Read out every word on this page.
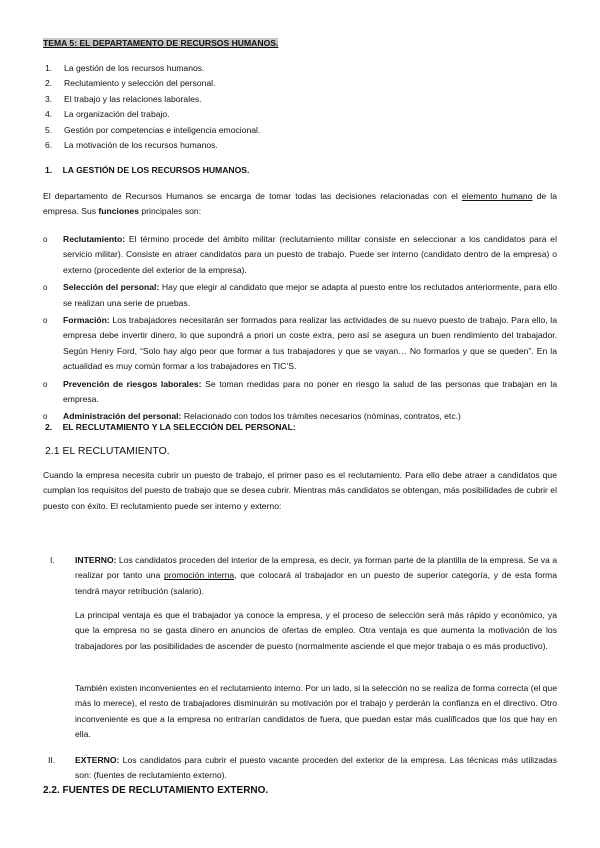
TEMA 5: EL DEPARTAMENTO DE RECURSOS HUMANOS.
1. La gestión de los recursos humanos.
2. Reclutamiento y selección del personal.
3. El trabajo y las relaciones laborales.
4. La organización del trabajo.
5. Gestión por competencias e inteligencia emocional.
6. La motivación de los recursos humanos.
1. LA GESTIÓN DE LOS RECURSOS HUMANOS.

El departamento de Recursos Humanos se encarga de tomar todas las decisiones relacionadas con el elemento humano de la empresa. Sus funciones principales son:

o Reclutamiento: El término procede del ámbito militar (reclutamiento militar consiste en seleccionar a los candidatos para el servicio militar). Consiste en atraer candidatos para un puesto de trabajo. Puede ser interno (candidato dentro de la empresa) o externo (procedente del exterior de la empresa).
o Selección del personal: Hay que elegir al candidato que mejor se adapta al puesto entre los reclutados anteriormente, para ello se realizan una serie de pruebas.
o Formación: Los trabajadores necesitarán ser formados para realizar las actividades de su nuevo puesto de trabajo. Para ello, la empresa debe invertir dinero, lo que supondrá a priori un coste extra, pero así se asegura un buen rendimiento del trabajador. Según Henry Ford, “Solo hay algo peor que formar a tus trabajadores y que se vayan… No formarlos y que se queden”. En la actualidad es muy común formar a los trabajadores en TIC’S.
o Prevención de riesgos laborales: Se toman medidas para no poner en riesgo la salud de las personas que trabajan en la empresa.
o Administración del personal: Relacionado con todos los trámites necesarios (nóminas, contratos, etc.)
2. EL RECLUTAMIENTO Y LA SELECCIÓN DEL PERSONAL:
2.1 EL RECLUTAMIENTO.

Cuando la empresa necesita cubrir un puesto de trabajo, el primer paso es el reclutamiento. Para ello debe atraer a candidatos que cumplan los requisitos del puesto de trabajo que se desea cubrir. Mientras más candidatos se obtengan, más posibilidades de cubrir el puesto con éxito. El reclutamiento puede ser interno y externo:

I. INTERNO: Los candidatos proceden del interior de la empresa, es decir, ya forman parte de la plantilla de la empresa. Se va a realizar por tanto una promoción interna, que colocará al trabajador en un puesto de superior categoría, y de esta forma tendrá mayor retribución (salario).

La principal ventaja es que el trabajador ya conoce la empresa, y el proceso de selección será más rápido y económico, ya que la empresa no se gasta dinero en anuncios de ofertas de empleo. Otra ventaja es que aumenta la motivación de los trabajadores por las posibilidades de ascender de puesto (normalmente asciende el que mejor trabaja o es más productivo).

También existen inconvenientes en el reclutamiento interno. Por un lado, si la selección no se realiza de forma correcta (el que más lo merece), el resto de trabajadores disminuirán su motivación por el trabajo y perderán la confianza en el directivo. Otro inconveniente es que a la empresa no entrarían candidatos de fuera, que puedan estar más cualificados que los que hay en ella.

II. EXTERNO: Los candidatos para cubrir el puesto vacante proceden del exterior de la empresa. Las técnicas más utilizadas son: (fuentes de reclutamiento externo).
2.2. FUENTES DE RECLUTAMIENTO EXTERNO.
